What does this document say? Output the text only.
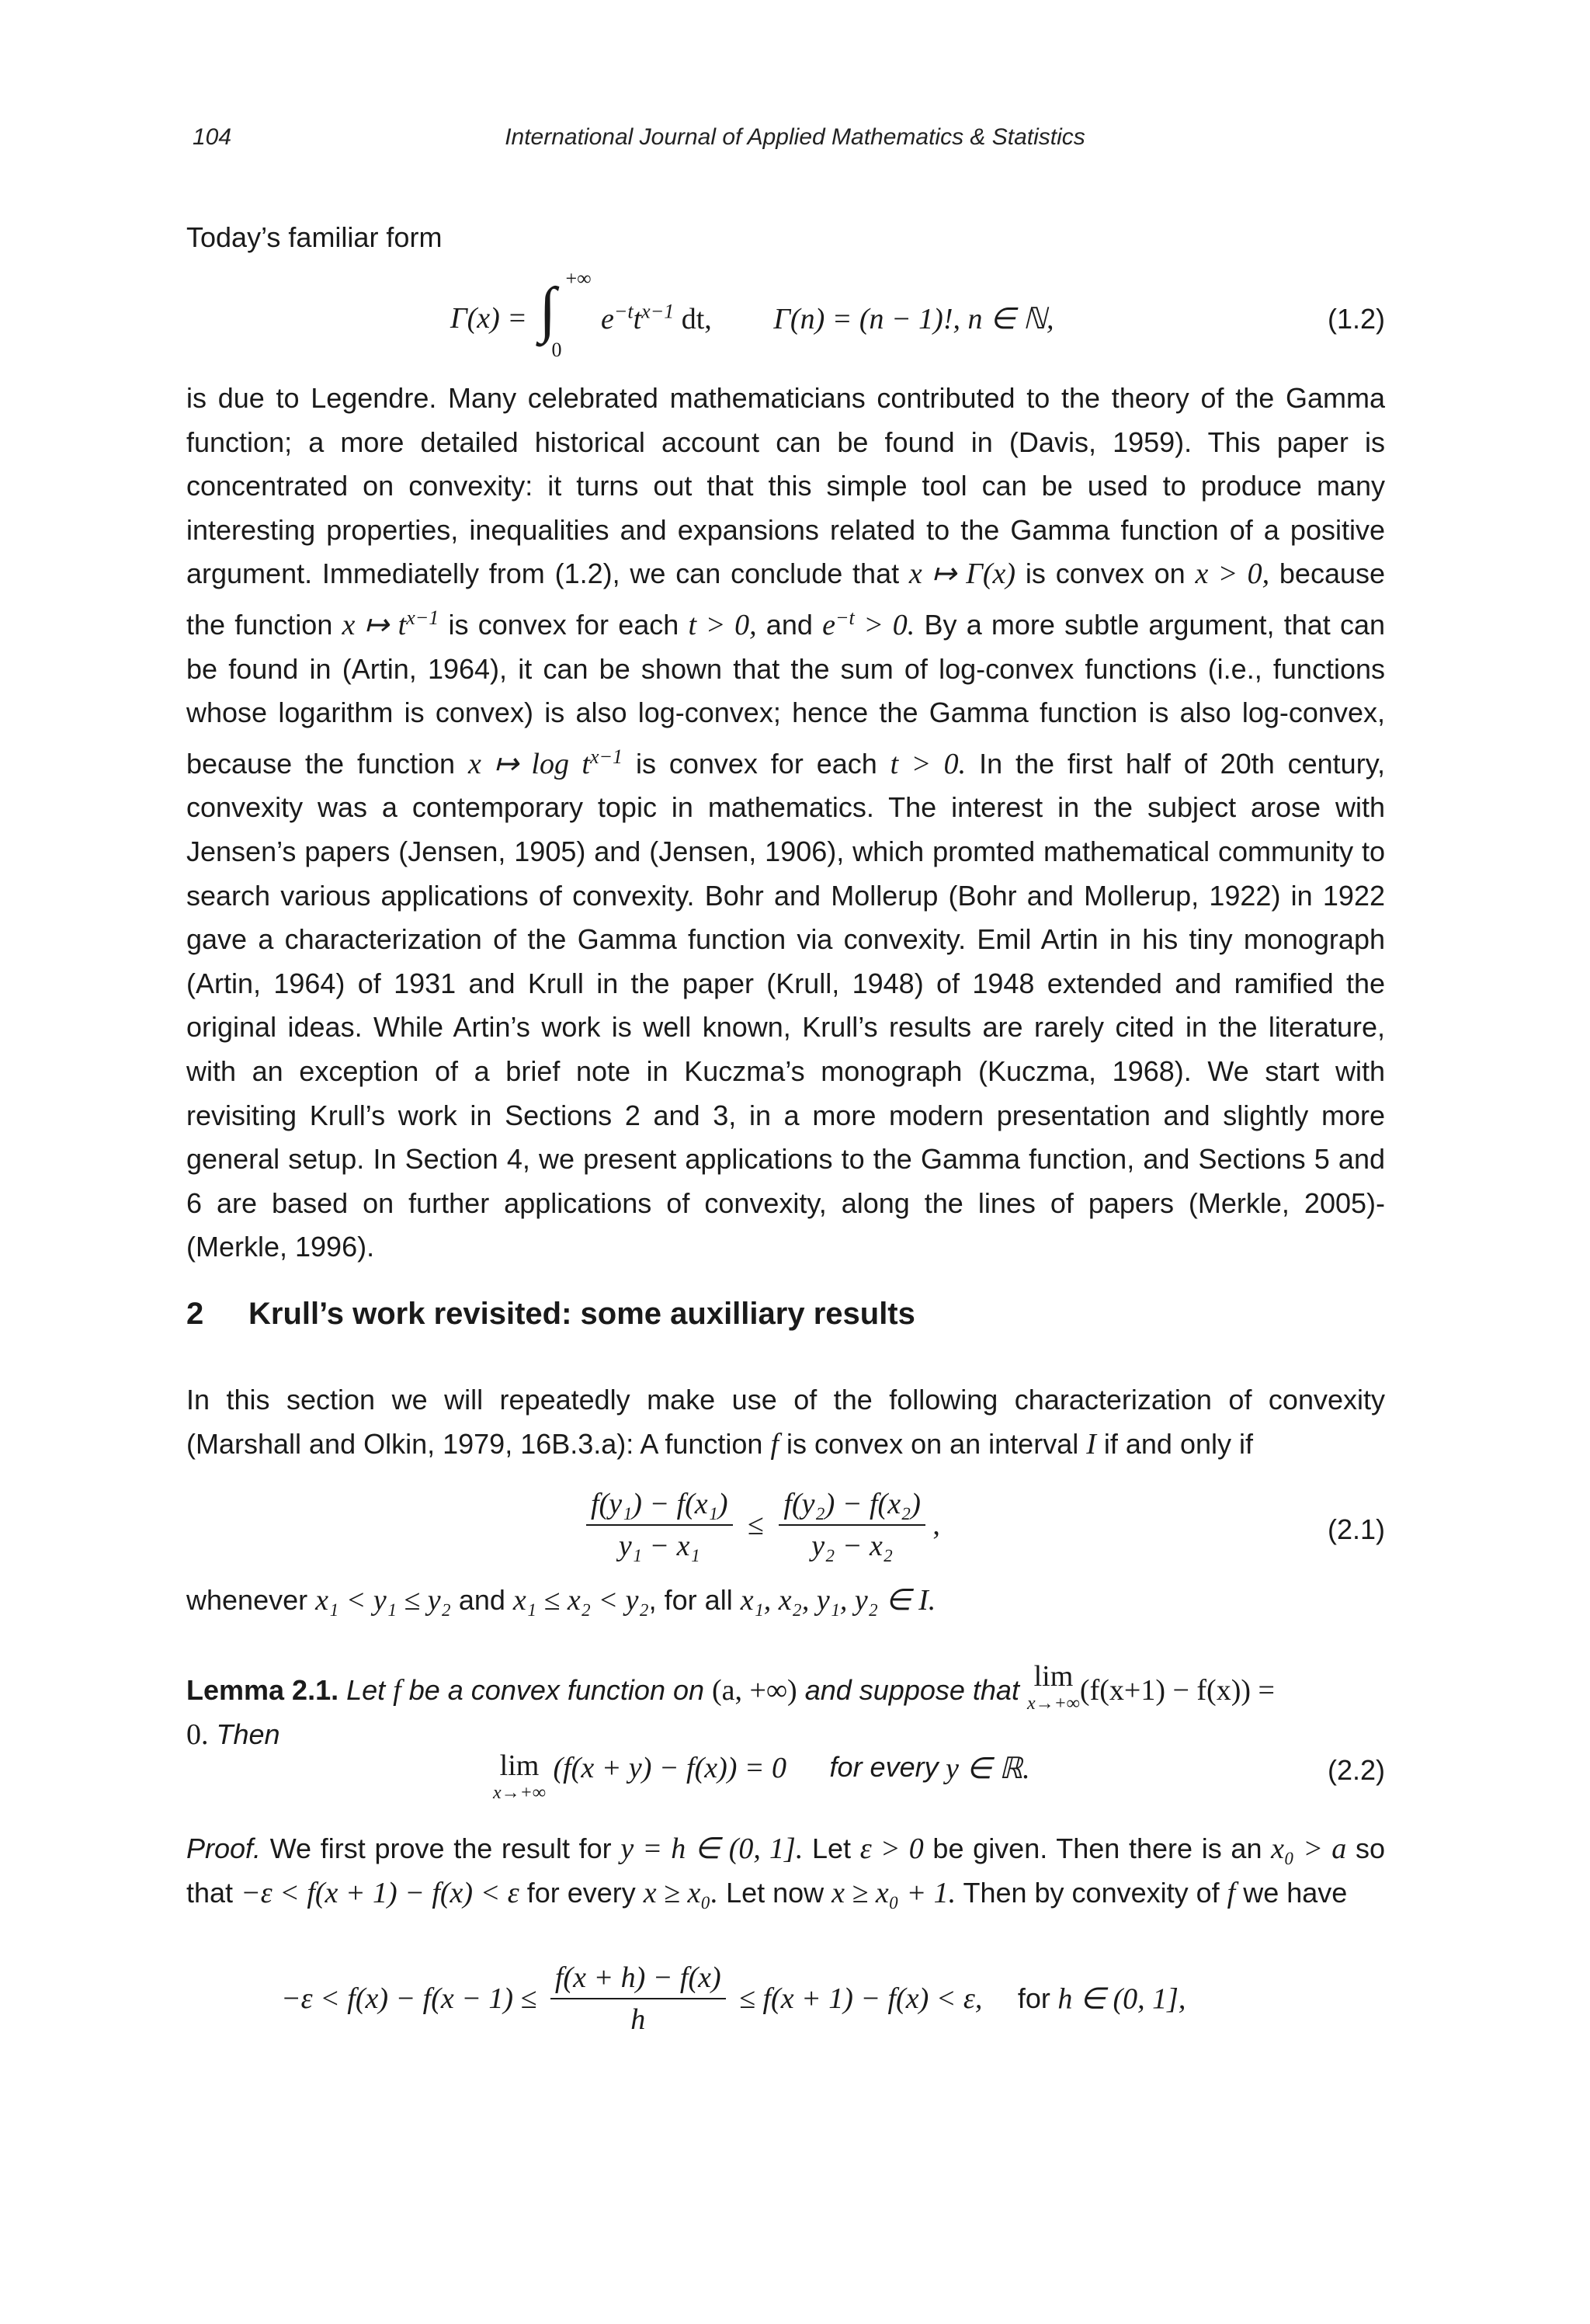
104	International Journal of Applied Mathematics & Statistics

Today’s familiar form

Γ(x) = ∫ +∞
0
$e^{-t}t^{x-1}$ dt, Γ(n) = (n − 1)!, n ∈ ℕ,	(1.2)

is due to Legendre. Many celebrated mathematicians contributed to the theory of the Gamma function; a more detailed historical account can be found in (Davis, 1959). This paper is concentrated on convexity: it turns out that this simple tool can be used to produce many interesting properties, inequalities and expansions related to the Gamma function of a positive argument. Immediatelly from (1.2), we can conclude that x ↦ Γ(x) is convex on x > 0, because the function x ↦ $t^{x-1}$ is convex for each t > 0, and $e^{-t} > 0$. By a more subtle argument, that can be found in (Artin, 1964), it can be shown that the sum of log-convex functions (i.e., functions whose logarithm is convex) is also log-convex; hence the Gamma function is also log-convex, because the function x ↦ $\log t^{x-1}$ is convex for each t > 0. In the first half of 20th century, convexity was a contemporary topic in mathematics. The interest in the subject arose with Jensen’s papers (Jensen, 1905) and (Jensen, 1906), which promted mathematical community to search various applications of convexity. Bohr and Mollerup (Bohr and Mollerup, 1922) in 1922 gave a characterization of the Gamma function via convexity. Emil Artin in his tiny monograph (Artin, 1964) of 1931 and Krull in the paper (Krull, 1948) of 1948 extended and ramified the original ideas. While Artin’s work is well known, Krull’s results are rarely cited in the literature, with an exception of a brief note in Kuczma’s monograph (Kuczma, 1968). We start with revisiting Krull’s work in Sections 2 and 3, in a more modern presentation and slightly more general setup. In Section 4, we present applications to the Gamma function, and Sections 5 and 6 are based on further applications of convexity, along the lines of papers (Merkle, 2005)-(Merkle, 1996).

2 Krull’s work revisited: some auxilliary results

In this section we will repeatedly make use of the following characterization of convexity (Marshall and Olkin, 1979, 16B.3.a): A function f is convex on an interval I if and only if

$\frac{\text{f(y₁) − f(x₁)}}{\text{y₁ − x₁}} \le \frac{\text{f(y₂) − f(x₂)}}{\text{y₂ − x₂}}$ ,	(2.1)

whenever x₁ < y₁ ≤ y₂ and x₁ ≤ x₂ < y₂, for all x₁, x₂, y₁, y₂ ∈ I.

Lemma 2.1. Let f be a convex function on (a, +∞) and suppose that lim
x→+∞ (f(x+1) − f(x)) =
0. Then

lim
x→+∞
(f(x + y) − f(x)) = 0 for every y ∈ ℝ.	(2.2)

Proof. We first prove the result for y = h ∈ (0, 1]. Let ε > 0 be given. Then there is an x₀ > a so that −ε < f(x + 1) − f(x) < ε for every x ≥ x₀. Let now x ≥ x₀ + 1. Then by convexity of f we have

$-\varepsilon < f(x) - f(x - 1) \le \frac{f(x + h) - f(x)}{h} \le f(x + 1) - f(x) < \varepsilon$, for h ∈ (0, 1],
